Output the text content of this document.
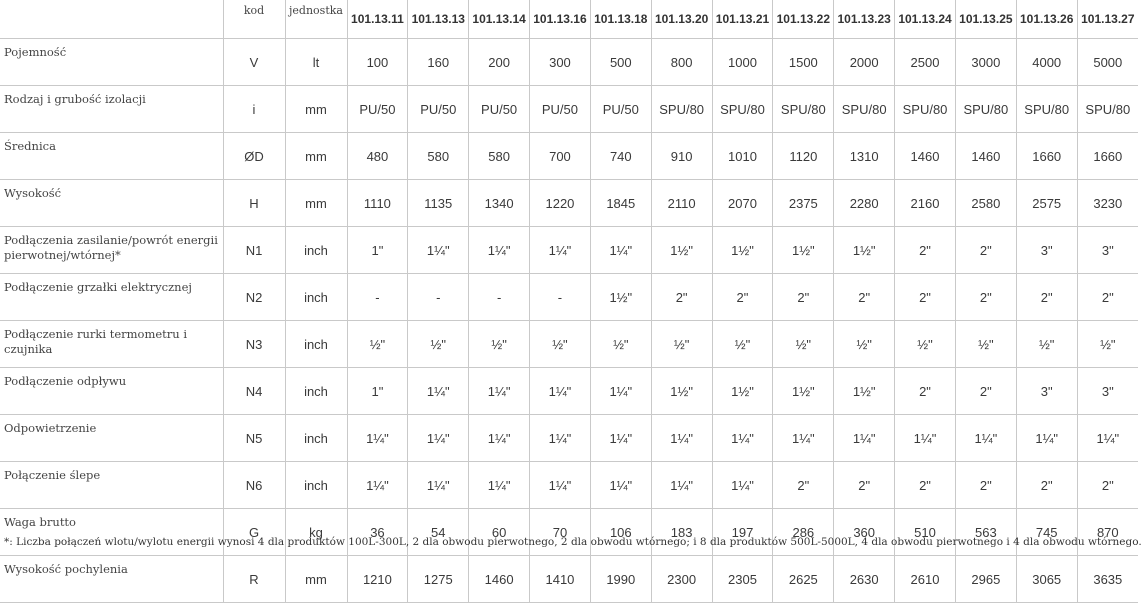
	kod	jednostka	101.13.11	101.13.13	101.13.14	101.13.16	101.13.18	101.13.20	101.13.21	101.13.22	101.13.23	101.13.24	101.13.25	101.13.26	101.13.27
Pojemność	V	lt	100	160	200	300	500	800	1000	1500	2000	2500	3000	4000	5000
Rodzaj i grubość izolacji	i	mm	PU/50	PU/50	PU/50	PU/50	PU/50	SPU/80	SPU/80	SPU/80	SPU/80	SPU/80	SPU/80	SPU/80	SPU/80
Średnica	ØD	mm	480	580	580	700	740	910	1010	1120	1310	1460	1460	1660	1660
Wysokość	H	mm	1110	1135	1340	1220	1845	2110	2070	2375	2280	2160	2580	2575	3230
Podłączenia zasilanie/powrót energii pierwotnej/wtórnej*	N1	inch	1"	1¼"	1¼"	1¼"	1¼"	1½"	1½"	1½"	1½"	2"	2"	3"	3"
Podłączenie grzałki elektrycznej	N2	inch	-	-	-	-	1½"	2"	2"	2"	2"	2"	2"	2"	2"
Podłączenie rurki termometru i czujnika	N3	inch	½"	½"	½"	½"	½"	½"	½"	½"	½"	½"	½"	½"	½"
Podłączenie odpływu	N4	inch	1"	1¼"	1¼"	1¼"	1¼"	1½"	1½"	1½"	1½"	2"	2"	3"	3"
Odpowietrzenie	N5	inch	1¼"	1¼"	1¼"	1¼"	1¼"	1¼"	1¼"	1¼"	1¼"	1¼"	1¼"	1¼"	1¼"
Połączenie ślepe	N6	inch	1¼"	1¼"	1¼"	1¼"	1¼"	1¼"	1¼"	2"	2"	2"	2"	2"	2"
Waga brutto	G	kg	36	54	60	70	106	183	197	286	360	510	563	745	870
Wysokość pochylenia	R	mm	1210	1275	1460	1410	1990	2300	2305	2625	2630	2610	2965	3065	3635
*: Liczba połączeń wlotu/wylotu energii wynosi 4 dla produktów 100L-300L, 2 dla obwodu pierwotnego, 2 dla obwodu wtórnego; i 8 dla produktów 500L-5000L, 4 dla obwodu pierwotnego i 4 dla obwodu wtórnego.
